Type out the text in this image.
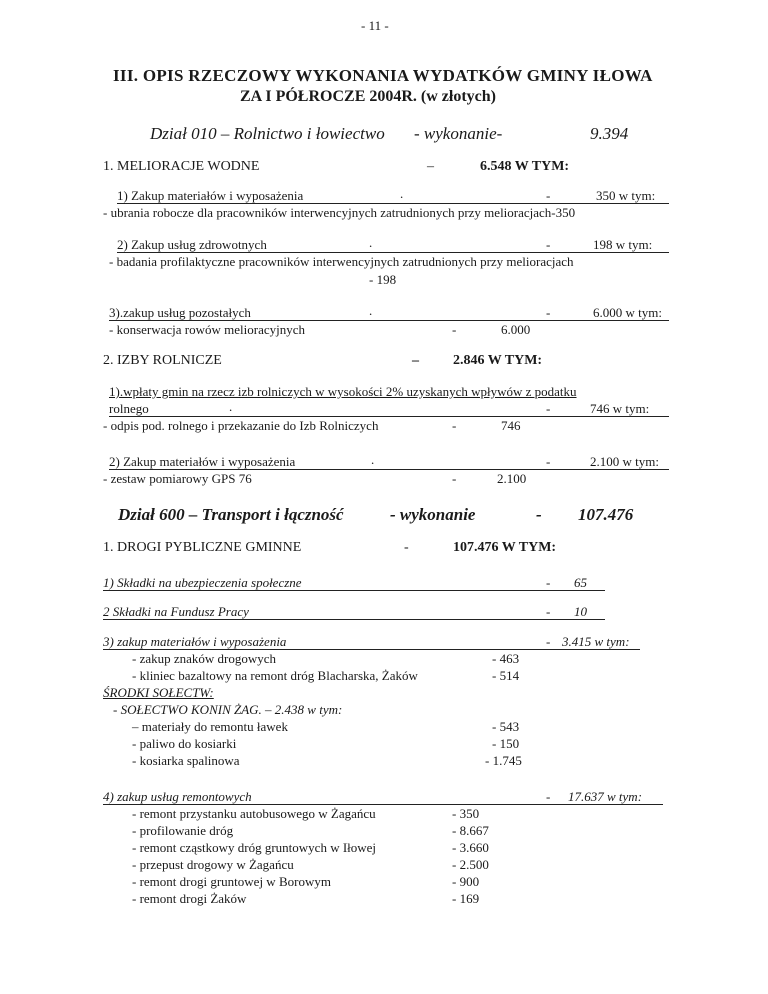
- 11 -
III. OPIS RZECZOWY WYKONANIA WYDATKÓW GMINY IŁOWA
ZA I PÓŁROCZE 2004R. (w złotych)
Dział 010 – Rolnictwo i łowiectwo - wykonanie-	9.394
1. MELIORACJE WODNE	–	6.548 W TYM:
1) Zakup materiałów i wyposażenia	.	-	350 w tym:
- ubrania robocze dla pracowników interwencyjnych zatrudnionych przy melioracjach-350
2) Zakup usług zdrowotnych	.	-	198 w tym:
- badania profilaktyczne pracowników interwencyjnych zatrudnionych przy melioracjach
- 198
3).zakup usług pozostałych	.	-	6.000 w tym:
- konserwacja rowów melioracyjnych	-	6.000
2. IZBY ROLNICZE	– 2.846 W TYM:
1).wpłaty gmin na rzecz izb rolniczych w wysokości 2% uzyskanych wpływów z podatku
rolnego	.	-	746 w tym:
- odpis pod. rolnego i przekazanie do Izb Rolniczych	-	746
2) Zakup materiałów i wyposażenia	.	-	2.100 w tym:
- zestaw pomiarowy GPS 76	-	2.100
Dział 600 – Transport i łączność	- wykonanie	- 107.476
1. DROGI PYBLICZNE GMINNE	-	107.476 W TYM:
1) Składki na ubezpieczenia społeczne	- 65
2 Składki na Fundusz Pracy	- 10
3) zakup materiałów i wyposażenia	- 3.415 w tym:
- zakup znaków drogowych	- 463
- kliniec bazaltowy na remont dróg Blacharska, Żaków	- 514
ŚRODKI SOŁECTW:
- SOŁECTWO KONIN ŻAG. – 2.438 w tym:
– materiały do remontu ławek	- 543
- paliwo do kosiarki	- 150
- kosiarka spalinowa	- 1.745
4) zakup usług remontowych	- 17.637 w tym:
- remont przystanku autobusowego w Żagańcu	- 350
- profilowanie dróg	- 8.667
- remont cząstkowy dróg gruntowych w Iłowej	- 3.660
- przepust drogowy w Żagańcu	- 2.500
- remont drogi gruntowej w Borowym	- 900
- remont drogi Żaków	- 169
